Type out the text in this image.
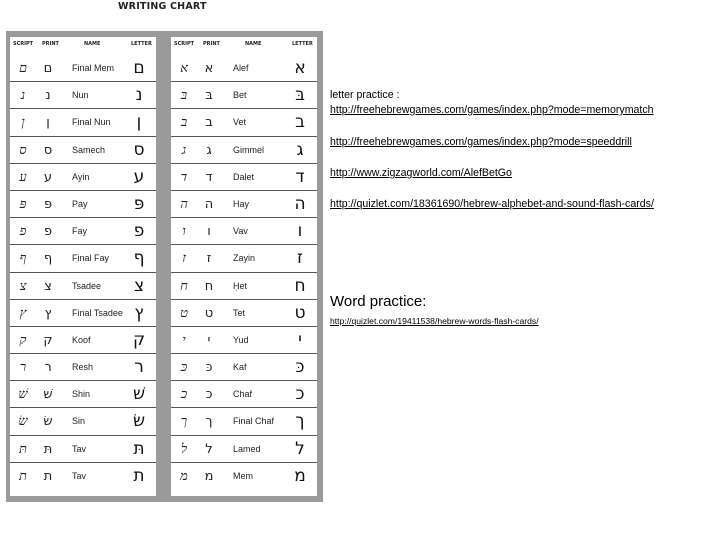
WRITING CHART
SCRIPT PRINT	NAME	LETTER
ם	ם	Final Mem	ם
נ	נ	Nun	נ
ן	ן	Final Nun	ן
ס	ס	Samech	ס
ע	ע	Ayin	ע
פּ	פּ	Pay	פּ
פ	פ	Fay	פ
ף	ף	Final Fay	ף
צ	צ	Tsadee	צ
ץ	ץ	Final Tsadee ץ
ק	ק	Koof	ק
ר	ר	Resh	ר
שׁ	שׁ	Shin	שׁ
שׂ	שׂ	Sin	שׂ
תּ	תּ	Tav	תּ
ת	ת	Tav	ת
SCRIPT PRINT	NAME	LETTER
א	א	Alef	א
בּ	בּ	Bet	בּ
ב	ב	Vet	ב
ג	ג	Gimmel	ג
ד	ד	Dalet	ד
ה	ה	Hay	ה
ו	ו	Vav	ו
ז	ז	Zayin	ז
ח	ח	Ḥet	ח
ט	ט	Tet	ט
י	י	Yud	י
כּ	כּ	Kaf	כּ
כ	כ	Chaf	כ
ך	ך	Final Chaf	ך
ל	ל	Lamed	ל
מ	מ	Mem	מ
letter practice :
http://freehebrewgames.com/games/index.php?mode=memorymatch
http://freehebrewgames.com/games/index.php?mode=speeddrill
http://www.zigzagworld.com/AlefBetGo
http://quizlet.com/18361690/hebrew-alphebet-and-sound-flash-cards/
Word practice:
http://quizlet.com/19411538/hebrew-words-flash-cards/
